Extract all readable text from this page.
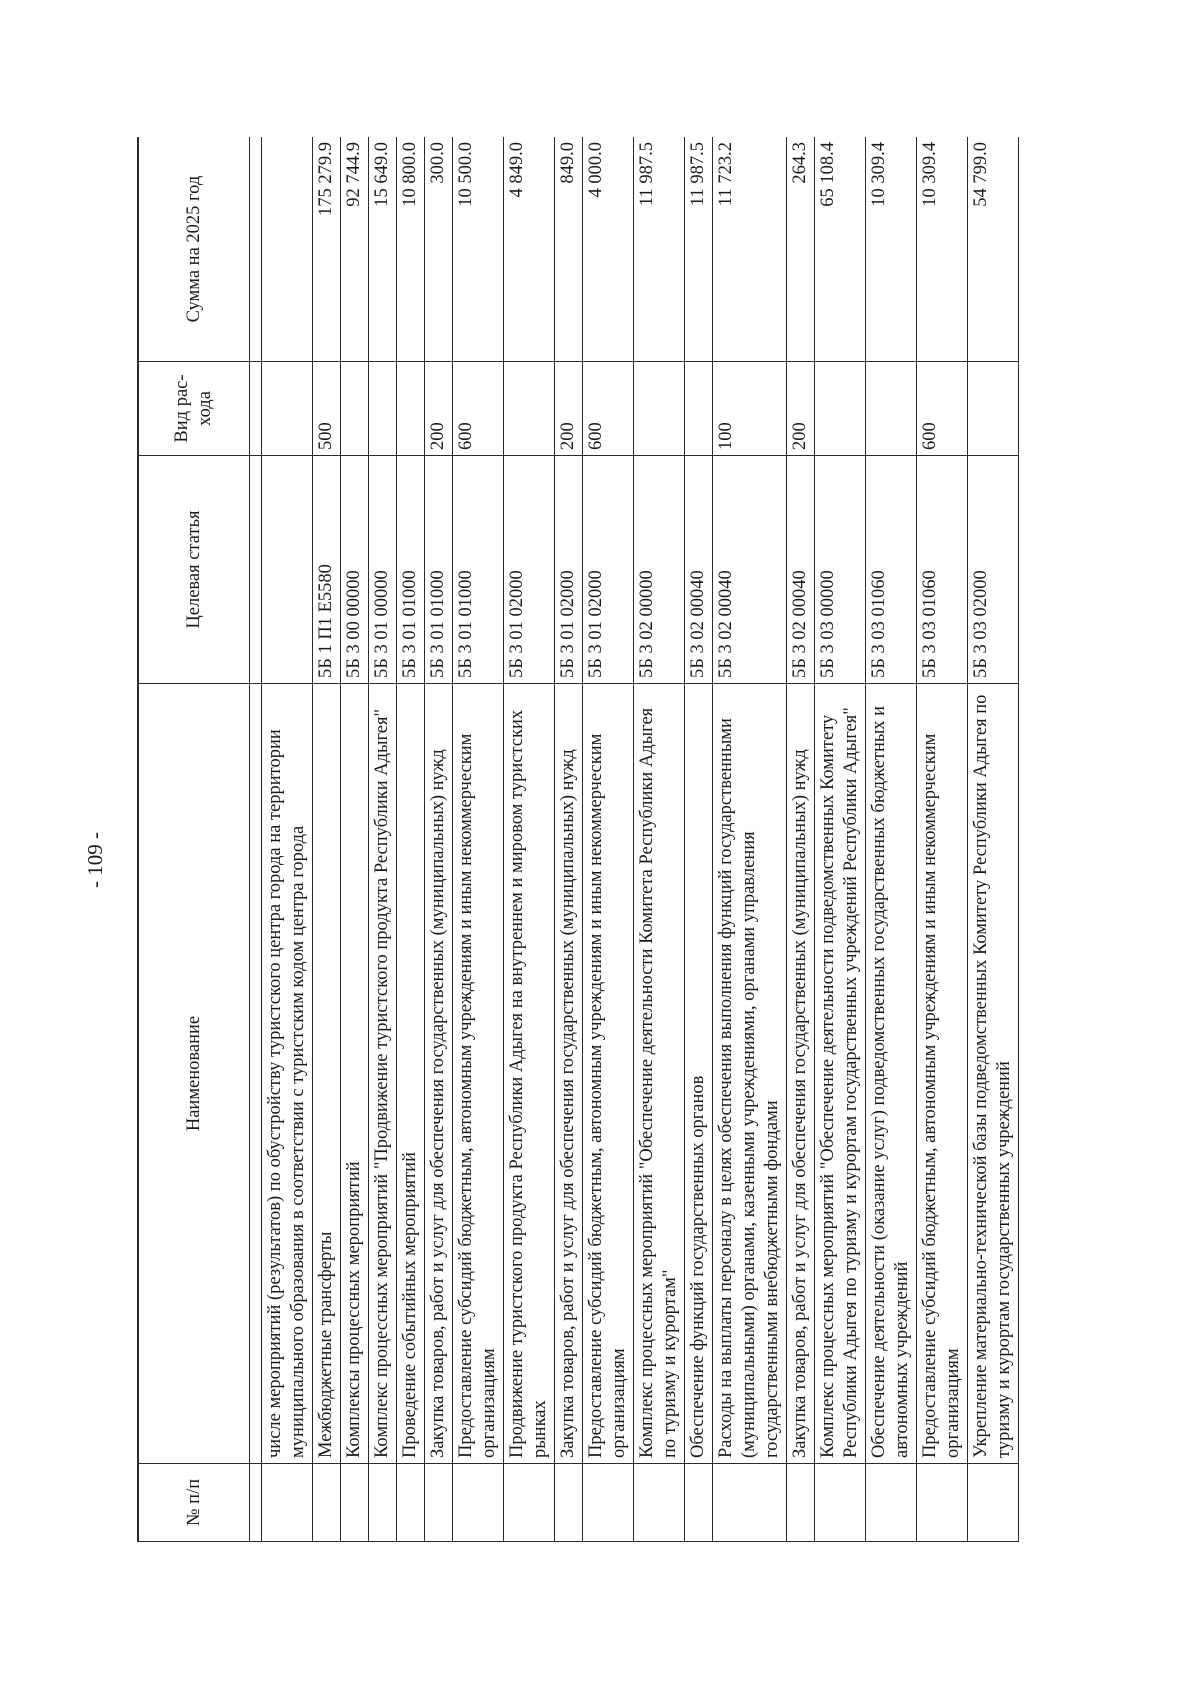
- 109 -
№ п/п	Наименование	Целевая статья	Вид рас-хода	Сумма на 2025 год

	числе мероприятий (результатов) по обустройству туристского центра города на территории муниципального образования в соответствии с туристским кодом центра города			
	Межбюджетные трансферты	5Б 1 П1 Е5580	500	175 279.9
	Комплексы процессных мероприятий	5Б 3 00 00000		92 744.9
	Комплекс процессных мероприятий "Продвижение туристского продукта Республики Адыгея"	5Б 3 01 00000		15 649.0
	Проведение событийных мероприятий	5Б 3 01 01000		10 800.0
	Закупка товаров, работ и услуг для обеспечения государственных (муниципальных) нужд	5Б 3 01 01000	200	300.0
	Предоставление субсидий бюджетным, автономным учреждениям и иным некоммерческим организациям	5Б 3 01 01000	600	10 500.0
	Продвижение туристского продукта Республики Адыгея на внутреннем и мировом туристских рынках	5Б 3 01 02000		4 849.0
	Закупка товаров, работ и услуг для обеспечения государственных (муниципальных) нужд	5Б 3 01 02000	200	849.0
	Предоставление субсидий бюджетным, автономным учреждениям и иным некоммерческим организациям	5Б 3 01 02000	600	4 000.0
	Комплекс процессных мероприятий "Обеспечение деятельности Комитета Республики Адыгея по туризму и курортам"	5Б 3 02 00000		11 987.5
	Обеспечение функций государственных органов	5Б 3 02 00040		11 987.5
	Расходы на выплаты персоналу в целях обеспечения выполнения функций государственными (муниципальными) органами, казенными учреждениями, органами управления государственными внебюджетными фондами	5Б 3 02 00040	100	11 723.2
	Закупка товаров, работ и услуг для обеспечения государственных (муниципальных) нужд	5Б 3 02 00040	200	264.3
	Комплекс процессных мероприятий "Обеспечение деятельности подведомственных Комитету Республики Адыгея по туризму и курортам государственных учреждений Республики Адыгея"	5Б 3 03 00000		65 108.4
	Обеспечение деятельности (оказание услуг) подведомственных государственных бюджетных и автономных учреждений	5Б 3 03 01060		10 309.4
	Предоставление субсидий бюджетным, автономным учреждениям и иным некоммерческим организациям	5Б 3 03 01060	600	10 309.4
	Укрепление материально-технической базы подведомственных Комитету Республики Адыгея по туризму и курортам государственных учреждений	5Б 3 03 02000		54 799.0
